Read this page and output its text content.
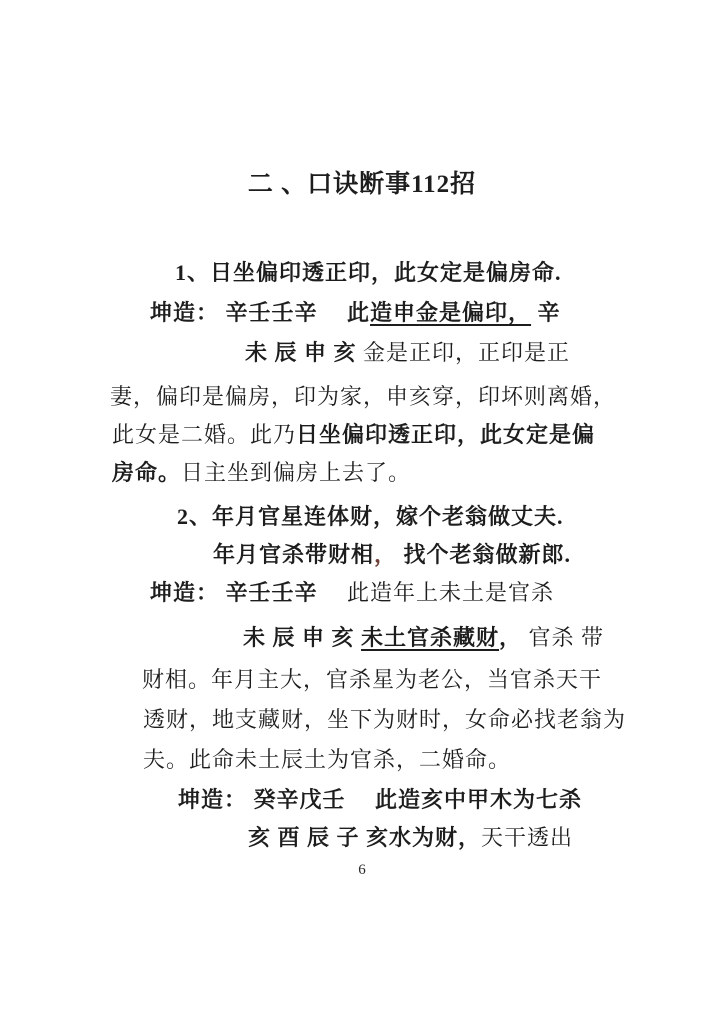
二 、口诀断事112招
1、日坐偏印透正印，此女定是偏房命.
坤造： 辛壬壬辛　 此造申金是偏印， 辛
未 辰 申 亥 金是正印，正印是正
妻，偏印是偏房，印为家，申亥穿，印坏则离婚，
此女是二婚。此乃日坐偏印透正印，此女定是偏
房命。日主坐到偏房上去了。
2、年月官星连体财，嫁个老翁做丈夫.
年月官杀带财相， 找个老翁做新郎.
坤造： 辛壬壬辛　 此造年上未土是官杀
未 辰 申 亥 未土官杀藏财， 官杀 带
财相。年月主大，官杀星为老公，当官杀天干
透财，地支藏财，坐下为财时，女命必找老翁为
夫。此命未土辰土为官杀，二婚命。
坤造： 癸辛戊壬　 此造亥中甲木为七杀
亥 酉 辰 子 亥水为财，天干透出
6
